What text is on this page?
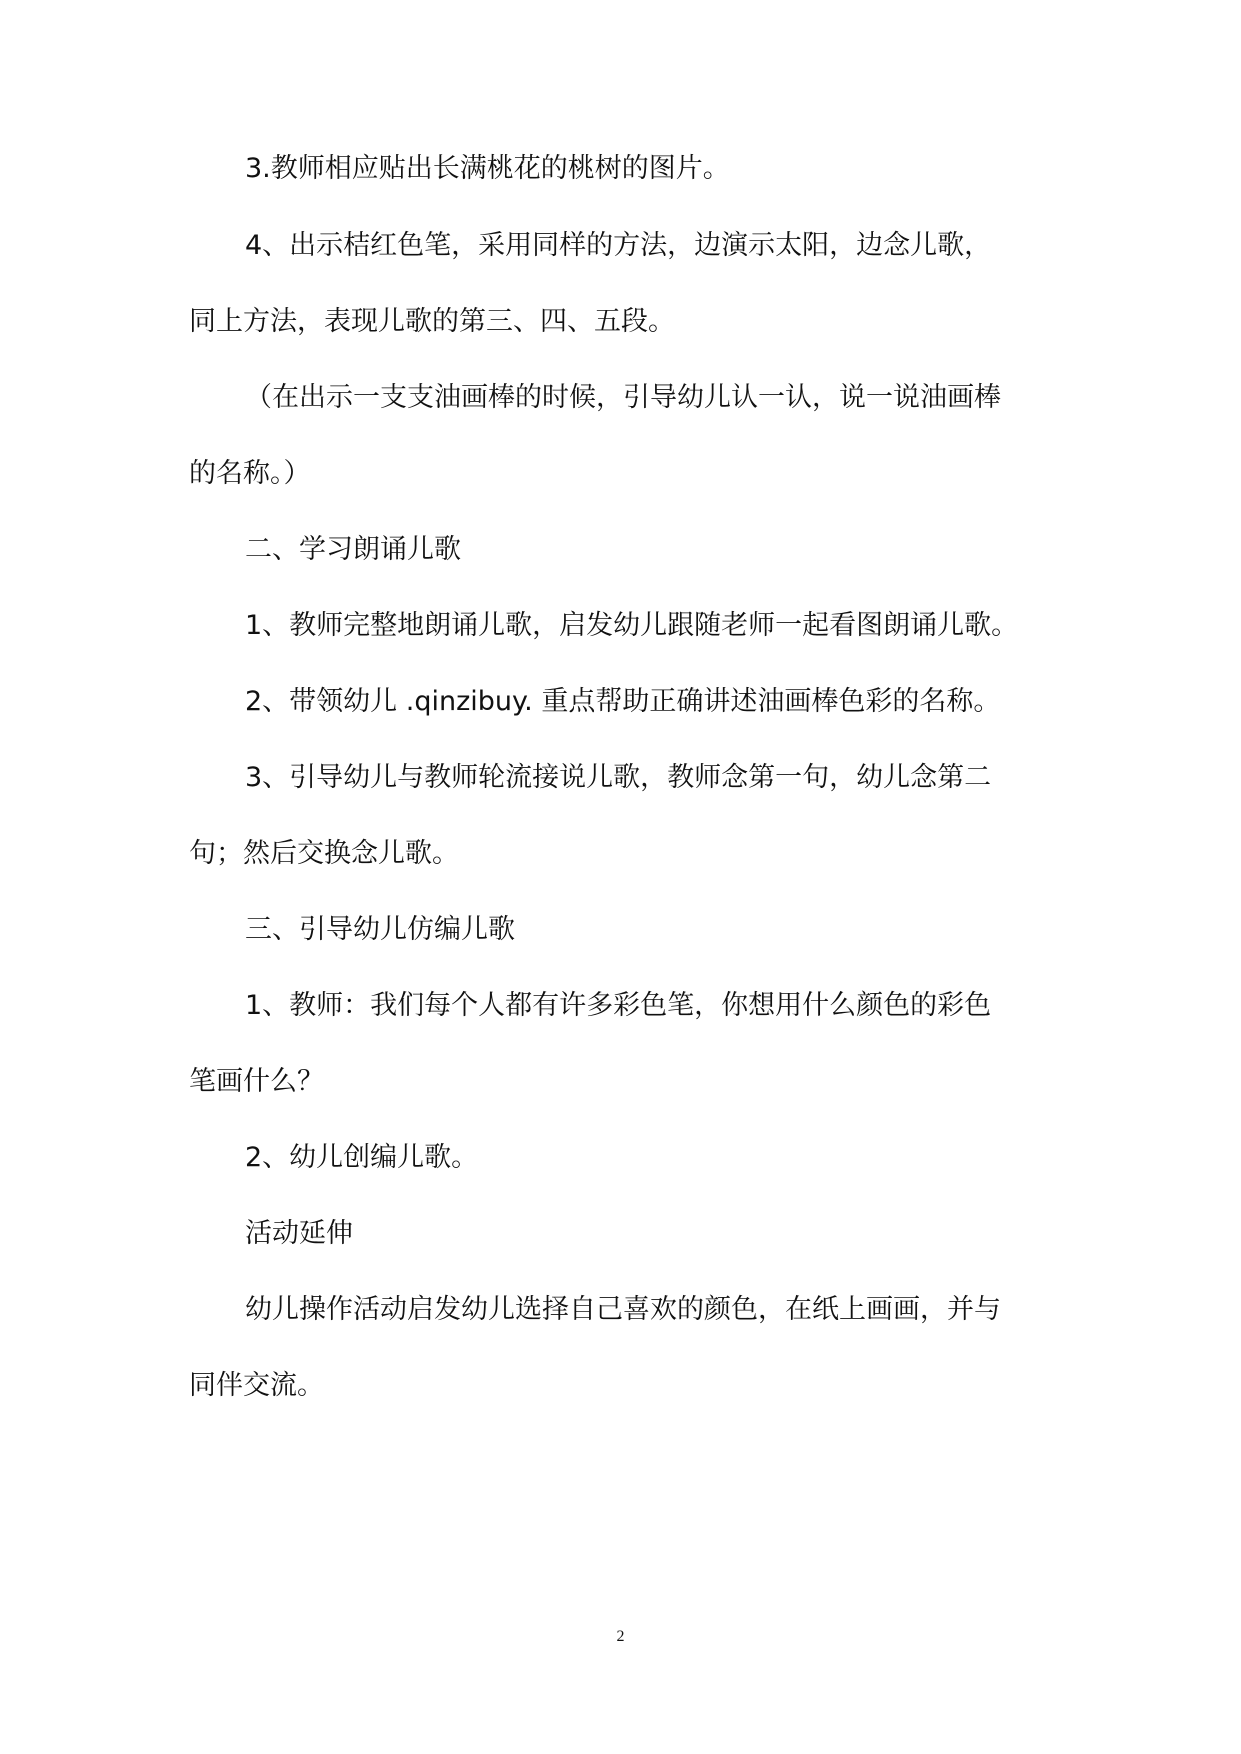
3.教师相应贴出长满桃花的桃树的图片。

4、出示桔红色笔，采用同样的方法，边演示太阳，边念儿歌，

同上方法，表现儿歌的第三、四、五段。

（在出示一支支油画棒的时候，引导幼儿认一认，说一说油画棒

的名称。）

二、学习朗诵儿歌

1、教师完整地朗诵儿歌，启发幼儿跟随老师一起看图朗诵儿歌。

2、带领幼儿 .qinzibuy. 重点帮助正确讲述油画棒色彩的名称。

3、引导幼儿与教师轮流接说儿歌，教师念第一句，幼儿念第二

句；然后交换念儿歌。

三、引导幼儿仿编儿歌

1、教师：我们每个人都有许多彩色笔，你想用什么颜色的彩色

笔画什么？

2、幼儿创编儿歌。

活动延伸

幼儿操作活动启发幼儿选择自己喜欢的颜色，在纸上画画，并与

同伴交流。

2
